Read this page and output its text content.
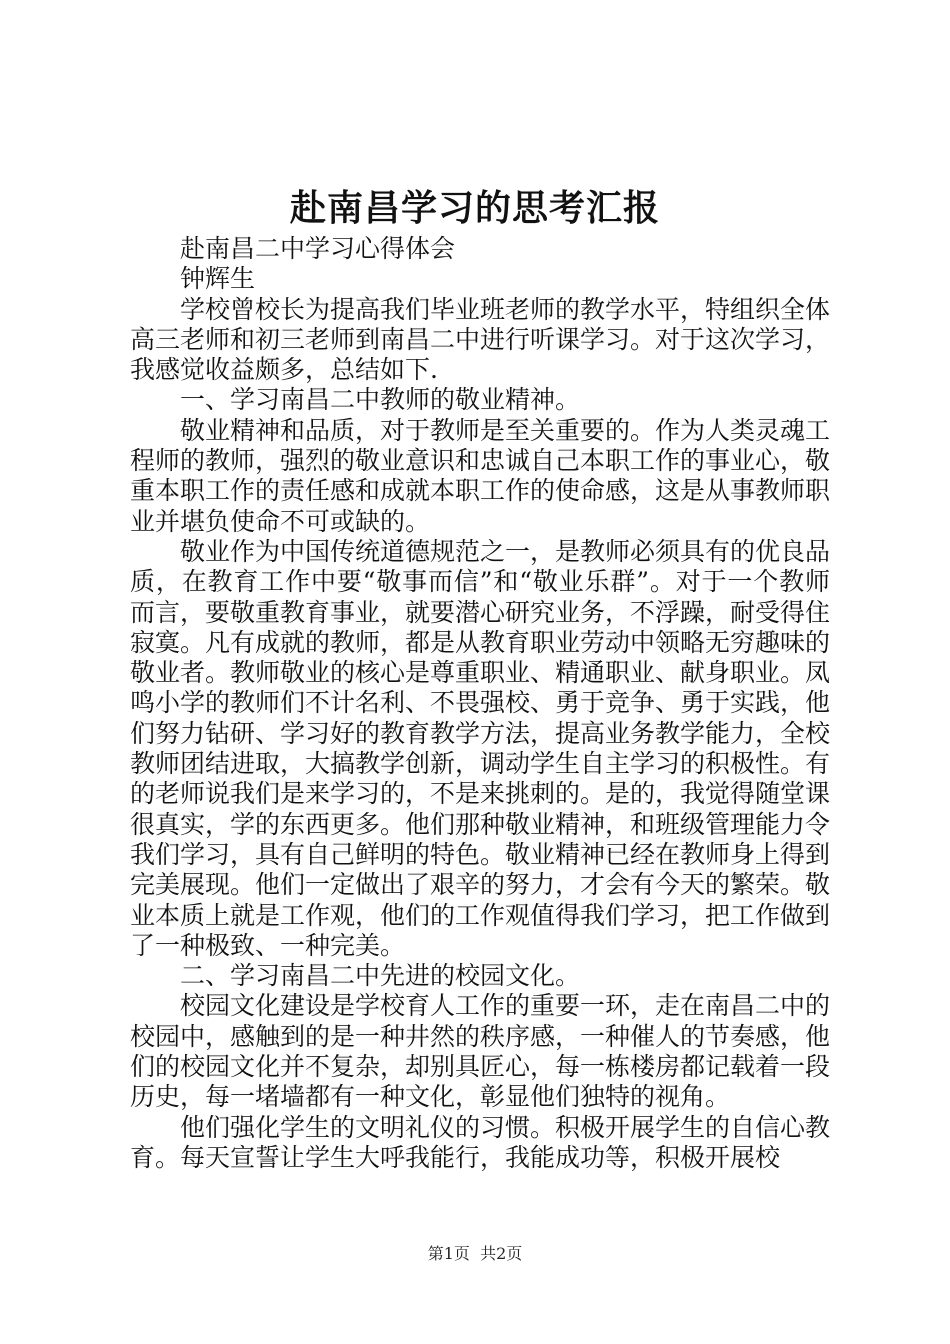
赴南昌学习的思考汇报

赴南昌二中学习心得体会

钟辉生

学校曾校长为提高我们毕业班老师的教学水平，特组织全体高三老师和初三老师到南昌二中进行听课学习。对于这次学习，我感觉收益颇多，总结如下.

一、学习南昌二中教师的敬业精神。

敬业精神和品质，对于教师是至关重要的。作为人类灵魂工程师的教师，强烈的敬业意识和忠诚自己本职工作的事业心，敬重本职工作的责任感和成就本职工作的使命感，这是从事教师职业并堪负使命不可或缺的。

敬业作为中国传统道德规范之一，是教师必须具有的优良品质，在教育工作中要“敬事而信”和“敬业乐群”。对于一个教师而言，要敬重教育事业，就要潜心研究业务，不浮躁，耐受得住寂寞。凡有成就的教师，都是从教育职业劳动中领略无穷趣味的敬业者。教师敬业的核心是尊重职业、精通职业、献身职业。凤鸣小学的教师们不计名利、不畏强校、勇于竞争、勇于实践，他们努力钻研、学习好的教育教学方法，提高业务教学能力，全校教师团结进取，大搞教学创新，调动学生自主学习的积极性。有的老师说我们是来学习的，不是来挑刺的。是的，我觉得随堂课很真实，学的东西更多。他们那种敬业精神，和班级管理能力令我们学习，具有自己鲜明的特色。敬业精神已经在教师身上得到完美展现。他们一定做出了艰辛的努力，才会有今天的繁荣。敬业本质上就是工作观，他们的工作观值得我们学习，把工作做到了一种极致、一种完美。

二、学习南昌二中先进的校园文化。

校园文化建设是学校育人工作的重要一环，走在南昌二中的校园中，感触到的是一种井然的秩序感，一种催人的节奏感，他们的校园文化并不复杂，却别具匠心，每一栋楼房都记载着一段历史，每一堵墙都有一种文化，彰显他们独特的视角。

他们强化学生的文明礼仪的习惯。积极开展学生的自信心教育。每天宣誓让学生大呼我能行，我能成功等，积极开展校

第1页  共2页
